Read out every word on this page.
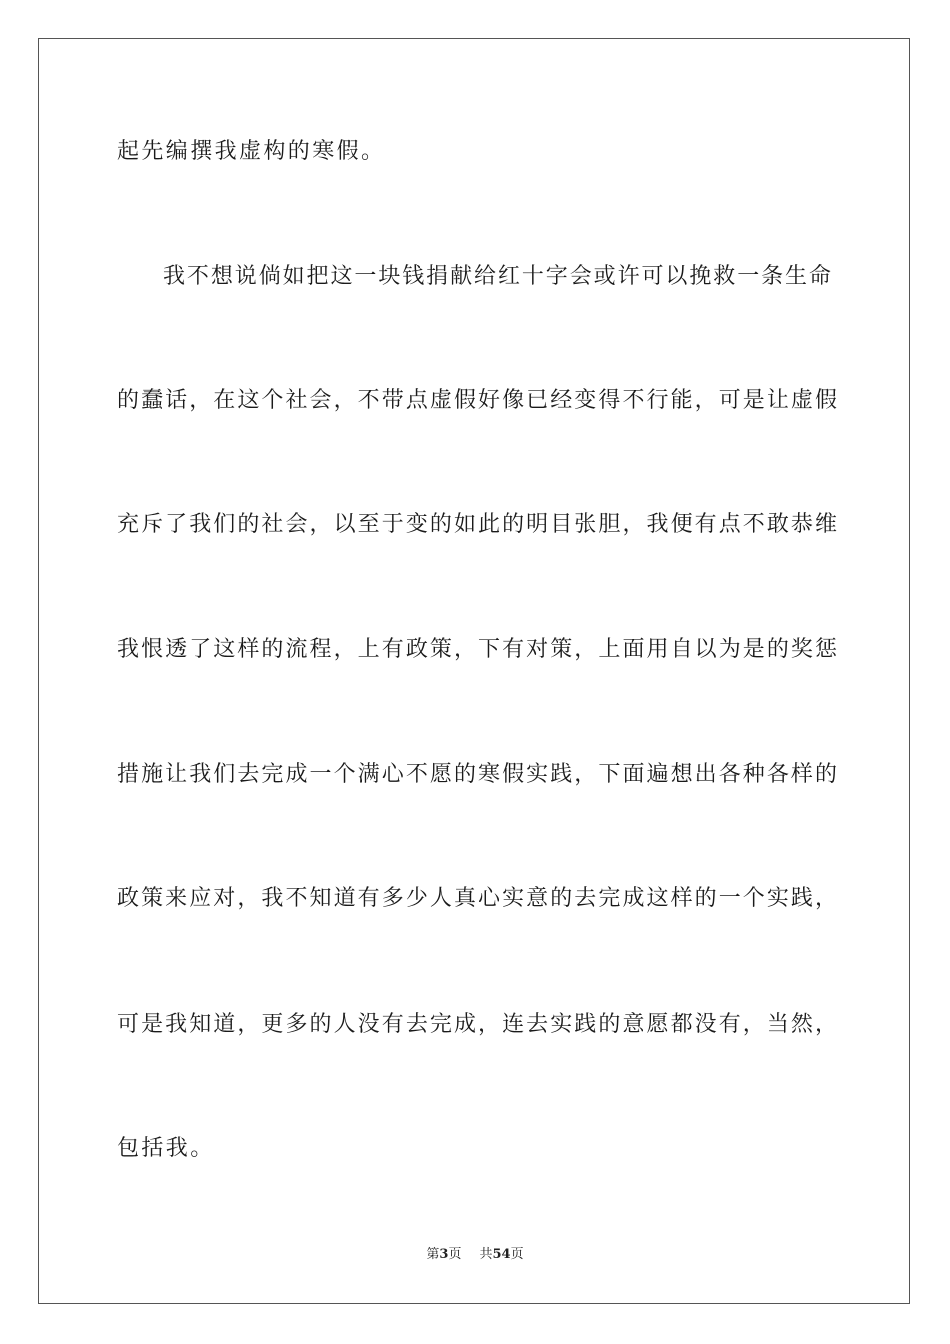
起先编撰我虚构的寒假。
我不想说倘如把这一块钱捐献给红十字会或许可以挽救一条生命
的蠢话，在这个社会，不带点虚假好像已经变得不行能，可是让虚假
充斥了我们的社会，以至于变的如此的明目张胆，我便有点不敢恭维
我恨透了这样的流程，上有政策，下有对策，上面用自以为是的奖惩
措施让我们去完成一个满心不愿的寒假实践，下面遍想出各种各样的
政策来应对，我不知道有多少人真心实意的去完成这样的一个实践，
可是我知道，更多的人没有去完成，连去实践的意愿都没有，当然，
包括我。
第3页 共54页
